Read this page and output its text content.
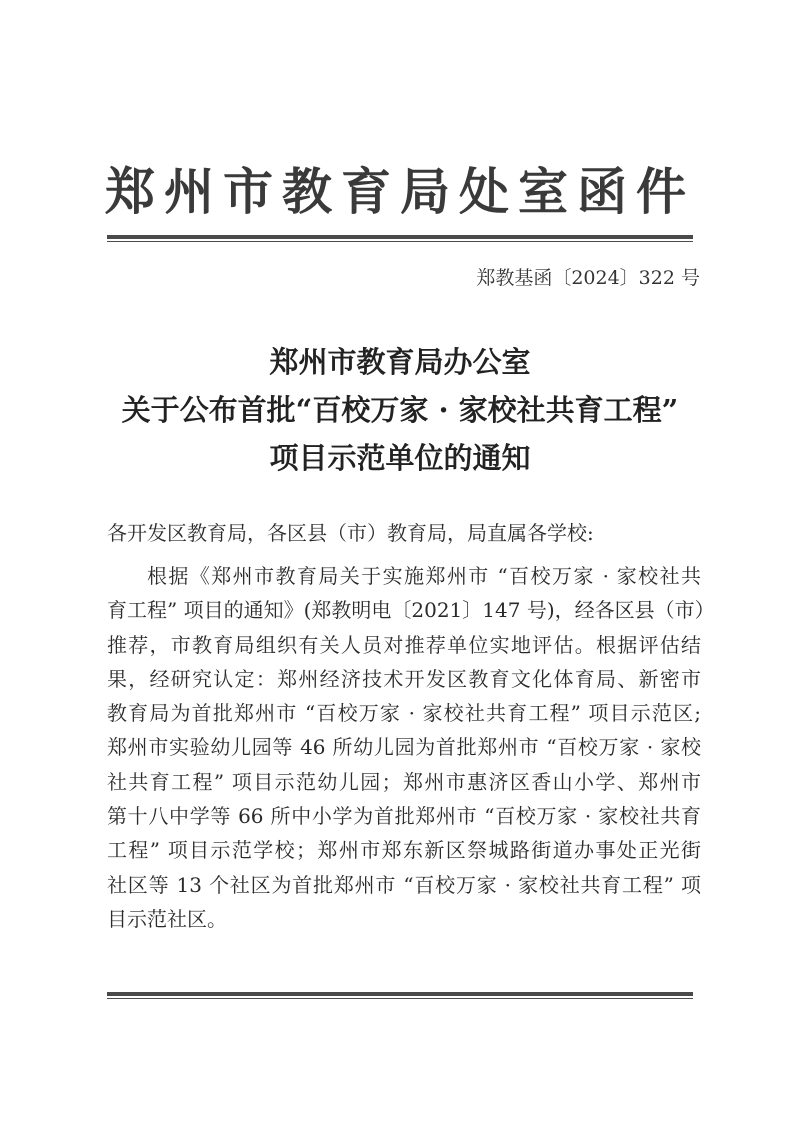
郑州市教育局处室函件
郑教基函〔2024〕322 号
郑州市教育局办公室
关于公布首批“百校万家 · 家校社共育工程”
项目示范单位的通知
各开发区教育局，各区县（市）教育局，局直属各学校:
根据《郑州市教育局关于实施郑州市 “百校万家 · 家校社共
育工程” 项目的通知》(郑教明电〔2021〕147 号)，经各区县（市）
推荐，市教育局组织有关人员对推荐单位实地评估。根据评估结
果，经研究认定：郑州经济技术开发区教育文化体育局、新密市
教育局为首批郑州市 “百校万家 · 家校社共育工程” 项目示范区;
郑州市实验幼儿园等 46 所幼儿园为首批郑州市 “百校万家 · 家校
社共育工程” 项目示范幼儿园；郑州市惠济区香山小学、郑州市
第十八中学等 66 所中小学为首批郑州市 “百校万家 · 家校社共育
工程” 项目示范学校；郑州市郑东新区祭城路街道办事处正光街
社区等 13 个社区为首批郑州市 “百校万家 · 家校社共育工程” 项
目示范社区。
